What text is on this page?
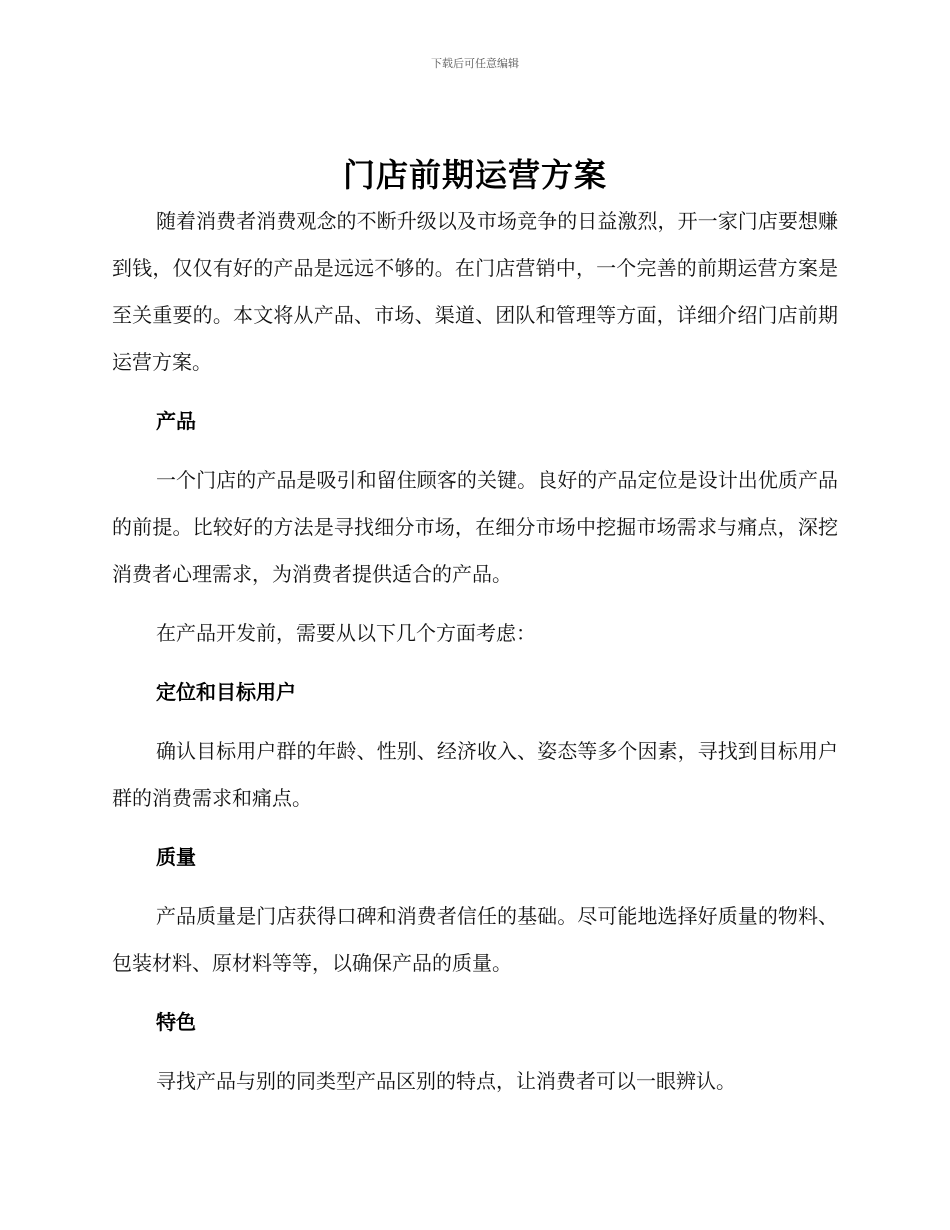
下载后可任意编辑
门店前期运营方案

随着消费者消费观念的不断升级以及市场竞争的日益激烈，开一家门店要想赚到钱，仅仅有好的产品是远远不够的。在门店营销中，一个完善的前期运营方案是至关重要的。本文将从产品、市场、渠道、团队和管理等方面，详细介绍门店前期运营方案。

产品

一个门店的产品是吸引和留住顾客的关键。良好的产品定位是设计出优质产品的前提。比较好的方法是寻找细分市场，在细分市场中挖掘市场需求与痛点，深挖消费者心理需求，为消费者提供适合的产品。

在产品开发前，需要从以下几个方面考虑：

定位和目标用户

确认目标用户群的年龄、性别、经济收入、姿态等多个因素，寻找到目标用户群的消费需求和痛点。

质量

产品质量是门店获得口碑和消费者信任的基础。尽可能地选择好质量的物料、包装材料、原材料等等，以确保产品的质量。

特色

寻找产品与别的同类型产品区别的特点，让消费者可以一眼辨认。
